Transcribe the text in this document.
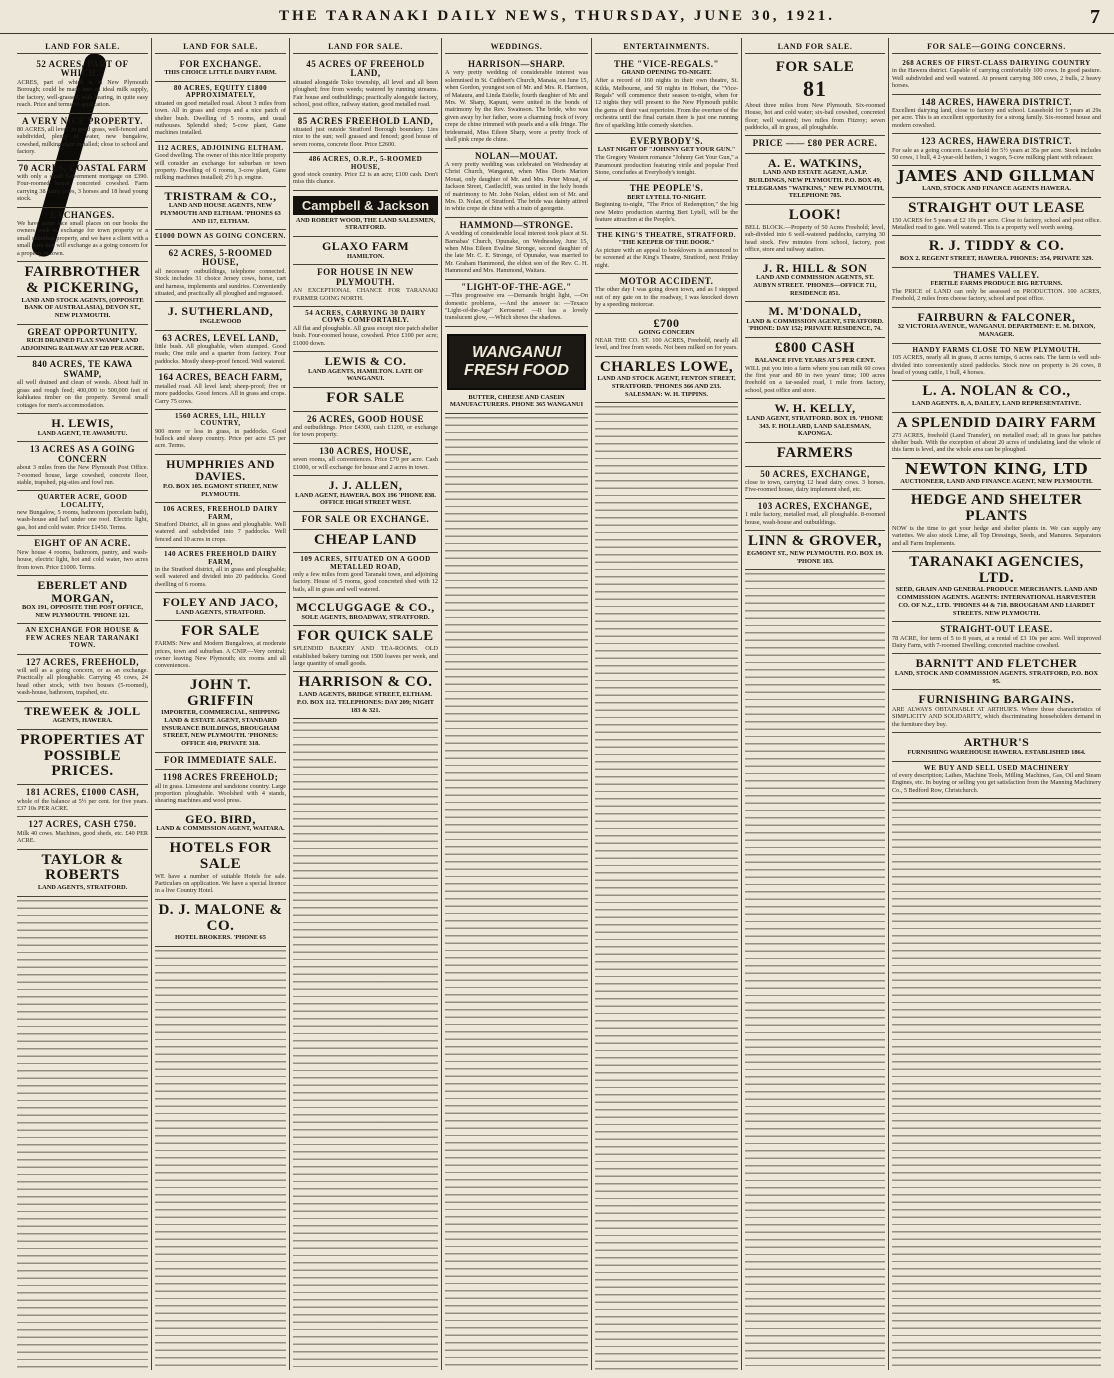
THE TARANAKI DAILY NEWS, THURSDAY, JUNE 30, 1921.	7
LAND FOR SALE.
52 ACRES, PART OF WHICH...
ACRES, part of which is in New Plymouth Borough; could be made into an ideal milk supply, the factory, well-grassed, with hearing, in quite easy reach. Price and terms on application.
A VERY NICE PROPERTY.
80 ACRES, all level, in good grass, well-fenced and subdivided, plenty of water, new bungalow, cowshed, milking plant installed; close to school and factory.
70 ACRES, COASTAL FARM
with only a small Government mortgage on £390. Four-roomed house, concreted cowshed. Farm carrying 38 dairy cows, 3 horses and 18 head young stock.
EXCHANGES.
We have some nice small places on our books the owners wish to exchange for town property or a small suburban property, and we have a client with a small farm that will exchange as a going concern for a property in town.
FAIRBROTHER & PICKERING,
LAND AND STOCK AGENTS, (OPPOSITE BANK OF AUSTRALASIA), DEVON ST., NEW PLYMOUTH.
GREAT OPPORTUNITY.
RICH DRAINED FLAX SWAMP LAND ADJOINING RAILWAY AT £20 PER ACRE.
840 ACRES, TE KAWA SWAMP,
all well drained and clean of weeds. About half in grass and rough feed; 400,000 to 500,000 feet of kahikatea timber on the property. Several small cottages for men's accommodation.
H. LEWIS,
LAND AGENT, TE AWAMUTU.
13 ACRES AS A GOING CONCERN
about 3 miles from the New Plymouth Post Office. 7-roomed house, large cowshed, concrete floor, stable, trapshed, pig-sties and fowl run.
QUARTER ACRE, GOOD LOCALITY,
new Bungalow, 5 rooms, bathroom (porcelain bath), wash-house and ha'l under one roof. Electric light, gas, hot and cold water. Price £1450. Terms.
EIGHT OF AN ACRE.
New house 4 rooms, bathroom, pantry, and wash-house, electric light, hot and cold water, two acres from town. Price £1000. Terms.
EBERLET AND MORGAN,
BOX 191, OPPOSITE THE POST OFFICE, NEW PLYMOUTH. 'PHONE 121.
AN EXCHANGE FOR HOUSE & FEW ACRES NEAR TARANAKI TOWN.
127 ACRES, FREEHOLD,
will sell as a going concern, or as an exchange. Practically all ploughable. Carrying 45 cows, 24 head other stock, with two houses (5-roomed), wash-house, bathroom, trapshed, etc.
TREWEEK & JOLL
AGENTS, HAWERA.
PROPERTIES AT POSSIBLE PRICES.
181 ACRES, £1000 CASH,
whole of the balance at 5½ per cent. for five years. £37 10s PER ACRE.
127 ACRES, CASH £750.
Milk 40 cows. Machines, good sheds, etc. £40 PER ACRE.
TAYLOR & ROBERTS
LAND AGENTS, STRATFORD.
LAND FOR SALE.
FOR EXCHANGE.
THIS CHOICE LITTLE DAIRY FARM.
80 ACRES, EQUITY £1800 APPROXIMATELY,
situated on good metalled road. About 3 miles from town. All in grass and crops and a nice patch of shelter bush. Dwelling of 5 rooms, and usual outhouses. Splendid shed; 5-cow plant, Gane machines installed.
112 ACRES, ADJOINING ELTHAM.
Good dwelling. The owner of this nice little property will consider an exchange for suburban or town property. Dwelling of 6 rooms, 3-cow plant, Gane milking machines installed; 2½ h.p. engine.
TRISTRAM & CO.,
LAND AND HOUSE AGENTS, NEW PLYMOUTH AND ELTHAM. 'PHONES 63 AND 117, ELTHAM.
£1000 DOWN AS GOING CONCERN.
62 ACRES, 5-ROOMED HOUSE,
all necessary outbuildings, telephone connected. Stock includes 31 choice Jersey cows, horse, cart and harness, implements and sundries. Conveniently situated, and practically all ploughed and regrassed.
J. SUTHERLAND,
INGLEWOOD
63 ACRES, LEVEL LAND,
little bush. All ploughable, when stumped. Good roads; One mile and a quarter from factory. Four paddocks. Mostly sheep-proof fenced. Well watered.
164 ACRES, BEACH FARM,
metalled road. All level land; sheep-proof; five or more paddocks. Good fences. All in grass and crops. Carry 75 cows.
1560 ACRES, LIL, HILLY COUNTRY,
900 more or less in grass, in paddocks. Good bullock and sheep country. Price per acre £5 per acre. Terms.
HUMPHRIES AND DAVIES.
P.O. BOX 105. EGMONT STREET, NEW PLYMOUTH.
106 ACRES, FREEHOLD DAIRY FARM,
Stratford District, all in grass and ploughable. Well watered and subdivided into 7 paddocks. Well fenced and 10 acres in crops.
140 ACRES FREEHOLD DAIRY FARM,
in the Stratford district, all in grass and ploughable; well watered and divided into 20 paddocks. Good dwelling of 6 rooms.
FOLEY AND JACO,
LAND AGENTS, STRATFORD.
FOR SALE
FARMS: New and Modern Bungalows, at moderate prices, town and suburban. A CNIP.—Very central; owner leaving New Plymouth; six rooms and all conveniences.
JOHN T. GRIFFIN
IMPORTER, COMMERCIAL, SHIPPING LAND & ESTATE AGENT, STANDARD INSURANCE BUILDINGS, BROUGHAM STREET, NEW PLYMOUTH. 'PHONES: OFFICE 410, PRIVATE 318.
FOR IMMEDIATE SALE.
1198 ACRES FREEHOLD;
all in grass. Limestone and sandstone country. Large proportion ploughable. Woolshed with 4 stands, shearing machines and wool press.
GEO. BIRD,
LAND & COMMISSION AGENT, WAITARA.
HOTELS FOR SALE
WE have a number of suitable Hotels for sale. Particulars on application. We have a special licence in a live Country Hotel.
D. J. MALONE & CO.
HOTEL BROKERS. 'PHONE 65
LAND FOR SALE.
45 ACRES OF FREEHOLD LAND,
situated alongside Toko township, all level and all been ploughed; free from weeds; watered by running streams. Fair house and outbuildings; practically alongside factory, school, post office, railway station, good metalled road.
85 ACRES FREEHOLD LAND,
situated just outside Stratford Borough boundary. Lies nice to the sun; well grassed and fenced; good house of seven rooms, concrete floor. Price £2600.
486 ACRES, O.R.P., 5-ROOMED HOUSE,
good stock country. Price £2 is an acre; £100 cash. Don't miss this chance.
Campbell & Jackson
AND ROBERT WOOD, THE LAND SALESMEN, STRATFORD.
GLAXO FARM
HAMILTON.
FOR HOUSE IN NEW PLYMOUTH.
AN EXCEPTIONAL CHANCE FOR TARANAKI FARMER GOING NORTH.
54 ACRES, CARRYING 30 DAIRY COWS COMFORTABLY.
All flat and ploughable. All grass except nice patch shelter bush. Four-roomed house, cowshed. Price £100 per acre; £1000 down.
LEWIS & CO.
LAND AGENTS, HAMILTON. LATE OF WANGANUI.
FOR SALE
26 ACRES, GOOD HOUSE
and outbuildings. Price £4300, cash £1200, or exchange for town property.
130 ACRES, HOUSE,
seven rooms, all conveniences. Price £70 per acre. Cash £1000, or will exchange for house and 2 acres in town.
J. J. ALLEN,
LAND AGENT, HAWERA. BOX 196 'PHONE 838. OFFICE HIGH STREET WEST.
FOR SALE OR EXCHANGE.
CHEAP LAND
109 ACRES, SITUATED ON A GOOD METALLED ROAD,
only a few miles from good Taranaki town, and adjoining factory. House of 5 rooms, good concreted shed with 12 bails, all in grass and well watered.
MCCLUGGAGE & CO.,
SOLE AGENTS, BROADWAY, STRATFORD.
FOR QUICK SALE
SPLENDID BAKERY AND TEA-ROOMS. OLD established bakery turning out 1500 loaves per week, and large quantity of small goods.
HARRISON & CO.
LAND AGENTS, BRIDGE STREET, ELTHAM. P.O. BOX 112. TELEPHONES: DAY 209; NIGHT 183 & 321.
WEDDINGS.
HARRISON—SHARP.
A very pretty wedding of considerable interest was solemnised in St. Cuthbert's Church, Manaia, on June 15, when Gordon, youngest son of Mr. and Mrs. R. Harrison, of Mataura, and Linda Estelle, fourth daughter of Mr. and Mrs. W. Sharp, Kapuni, were united in the bonds of matrimony by the Rev. Swainson. The bride, who was given away by her father, wore a charming frock of ivory crepe de chine trimmed with pearls and a silk fringe. The bridesmaid, Miss Eileen Sharp, wore a pretty frock of shell pink crepe de chine.
NOLAN—MOUAT.
A very pretty wedding was celebrated on Wednesday at Christ Church, Wanganui, when Miss Doris Marion Mouat, only daughter of Mr. and Mrs. Peter Mouat, of Jackson Street, Castlecliff, was united in the holy bonds of matrimony to Mr. John Nolan, eldest son of Mr. and Mrs. D. Nolan, of Stratford. The bride was dainty attired in white crepe de chine with a train of georgette.
HAMMOND—STRONGE.
A wedding of considerable local interest took place at St. Barnabas' Church, Opunake, on Wednesday, June 15, when Miss Eileen Evaline Stronge, second daughter of the late Mr. C. E. Stronge, of Opunake, was married to Mr. Graham Hammond, the eldest son of the Rev. C. H. Hammond and Mrs. Hammond, Waitara.
"LIGHT-OF-THE-AGE."
—This progressive era —Demands bright light, —On domestic problems, —And the answer is: —Texaco "Light-of-the-Age" Kerosene! —It has a lovely translucent glow, —Which shows the shadows.
WANGANUI FRESH FOOD
BUTTER, CHEESE AND CASEIN MANUFACTURERS. PHONE 365 WANGANUI
ENTERTAINMENTS.
THE "VICE-REGALS."
GRAND OPENING TO-NIGHT.
After a record of 160 nights in their own theatre, St. Kilda, Melbourne, and 50 nights in Hobart, the "Vice-Regals" will commence their season to-night, when for 12 nights they will present to the New Plymouth public the gems of their vast repertoire. From the overture of the orchestra until the final curtain there is just one running fire of sparkling little comedy sketches.
EVERYBODY'S.
LAST NIGHT OF "JOHNNY GET YOUR GUN."
The Gregory Western romance "Johnny Get Your Gun," a Paramount production featuring virile and popular Fred Stone, concludes at Everybody's tonight.
THE PEOPLE'S.
BERT LYTELL TO-NIGHT.
Beginning to-night, "The Price of Redemption," the big new Metro production starring Bert Lytell, will be the feature attraction at the People's.
THE KING'S THEATRE, STRATFORD.
"THE KEEPER OF THE DOOR."
As picture with an appeal to booklovers is announced to be screened at the King's Theatre, Stratford, next Friday night.
MOTOR ACCIDENT.
The other day I was going down town, and as I stepped out of my gate on to the roadway, I was knocked down by a speeding motorcar.
£700
GOING CONCERN
NEAR THE CO. ST. 100 ACRES, Freehold, nearly all level, and free from weeds. Not been milked on for years.
CHARLES LOWE,
LAND AND STOCK AGENT, FENTON STREET, STRATFORD. 'PHONES 366 AND 233. SALESMAN: W. H. TIPPINS.
LAND FOR SALE.
FOR SALE
81
About three miles from New Plymouth. Six-roomed House, hot and cold water; six-bail cowshed, concreted floor; well watered; two miles from Fitzroy; seven paddocks, all in grass, all ploughable.
PRICE —— £80 PER ACRE.
A. E. WATKINS,
LAND AND ESTATE AGENT, A.M.P. BUILDINGS, NEW PLYMOUTH. P.O. BOX 49, TELEGRAMS "WATKINS," NEW PLYMOUTH, TELEPHONE 785.
LOOK!
BELL BLOCK.—Property of 50 Acres Freehold; level, sub-divided into 6 well-watered paddocks, carrying 30 head stock. Few minutes from school, factory, post office, store and railway station.
J. R. HILL & SON
LAND AND COMMISSION AGENTS, ST. AUBYN STREET. 'PHONES—OFFICE 711, RESIDENCE 851.
M. M'DONALD,
LAND & COMMISSION AGENT, STRATFORD. 'PHONE: DAY 152; PRIVATE RESIDENCE, 74.
£800 CASH
BALANCE FIVE YEARS AT 5 PER CENT.
WILL put you into a farm where you can milk 60 cows the first year and 80 in two years' time; 100 acres freehold on a tar-sealed road, 1 mile from factory, school, post office and store.
W. H. KELLY,
LAND AGENT, STRATFORD. BOX 19. 'PHONE 343. F. HOLLARD, LAND SALESMAN, KAPONGA.
FARMERS
50 ACRES, EXCHANGE,
close to town, carrying 12 head dairy cows. 3 horses. Five-roomed house, dairy implement shed, etc.
103 ACRES, EXCHANGE,
1 mile factory, metalled road, all ploughable. 8-roomed house, wash-house and outbuildings.
LINN & GROVER,
EGMONT ST., NEW PLYMOUTH. P.O. BOX 19. 'PHONE 183.
FOR SALE—GOING CONCERNS.
268 ACRES OF FIRST-CLASS DAIRYING COUNTRY
in the Hawera district. Capable of carrying comfortably 100 cows. In good pasture. Well subdivided and well watered. At present carrying 300 cows, 2 bulls, 2 heavy horses.
148 ACRES, HAWERA DISTRICT.
Excellent dairying land, close to factory and school. Leasehold for 5 years at 29s per acre. This is an excellent opportunity for a strong family. Six-roomed house and modern cowshed.
123 ACRES, HAWERA DISTRICT.
For sale as a going concern. Leasehold for 5½ years at 35s per acre. Stock includes 50 cows, 1 bull, 4 2-year-old heifers, 1 wagon, 5-cow milking plant with releaser.
JAMES AND GILLMAN
LAND, STOCK AND FINANCE AGENTS HAWERA.
STRAIGHT OUT LEASE
150 ACRES for 5 years at £2 10s per acre. Close to factory, school and post office. Metalled road to gate. Well watered. This is a property well worth seeing.
R. J. TIDDY & CO.
BOX 2. REGENT STREET, HAWERA. PHONES: 354, PRIVATE 329.
THAMES VALLEY.
FERTILE FARMS PRODUCE BIG RETURNS.
The PRICE of LAND can only be assessed on PRODUCTION. 100 ACRES, Freehold, 2 miles from cheese factory, school and post office.
FAIRBURN & FALCONER,
32 VICTORIA AVENUE, WANGANUI. DEPARTMENT: E. M. DIXON, MANAGER.
HANDY FARMS CLOSE TO NEW PLYMOUTH.
105 ACRES, nearly all in grass, 8 acres turnips, 6 acres oats. The farm is well sub-divided into conveniently sized paddocks. Stock now on property is 26 cows, 8 head of young cattle, 1 bull, 4 horses.
L. A. NOLAN & CO.,
LAND AGENTS. 8, A, DAILEY, LAND REPRESENTATIVE.
A SPLENDID DAIRY FARM
273 ACRES, freehold (Land Transfer), on metalled road; all in grass bar patches shelter bush. With the exception of about 20 acres of undulating land the whole of this farm is level, and the whole area can be ploughed.
NEWTON KING, LTD
AUCTIONEER, LAND AND FINANCE AGENT, NEW PLYMOUTH.
HEDGE AND SHELTER PLANTS
NOW is the time to get your hedge and shelter plants in. We can supply any varieties. We also stock Lime, all Top Dressings, Seeds, and Manures. Separators and all Farm Implements.
TARANAKI AGENCIES, LTD.
SEED, GRAIN AND GENERAL PRODUCE MERCHANTS. LAND AND COMMISSION AGENTS. AGENTS: INTERNATIONAL HARVESTER CO. OF N.Z., LTD. 'PHONES 44 & 718. BROUGHAM AND LIARDET STREETS. NEW PLYMOUTH.
STRAIGHT-OUT LEASE.
78 ACRE, for term of 5 to 8 years, at a rental of £3 10s per acre. Well improved Dairy Farm, with 7-roomed Dwelling; concreted machine cowshed.
BARNITT AND FLETCHER
LAND, STOCK AND COMMISSION AGENTS. STRATFORD, P.O. BOX 95.
FURNISHING BARGAINS.
ARE ALWAYS OBTAINABLE AT ARTHUR'S. Where those characteristics of SIMPLICITY AND SOLIDARITY, which discriminating householders demand in the furniture they buy.
ARTHUR'S
FURNISHING WAREHOUSE HAWERA. ESTABLISHED 1864.
WE BUY AND SELL USED MACHINERY
of every description; Lathes, Machine Tools, Milling Machines, Gas, Oil and Steam Engines, etc. In buying or selling you get satisfaction from the Manning Machinery Co., 5 Bedford Row, Christchurch.
